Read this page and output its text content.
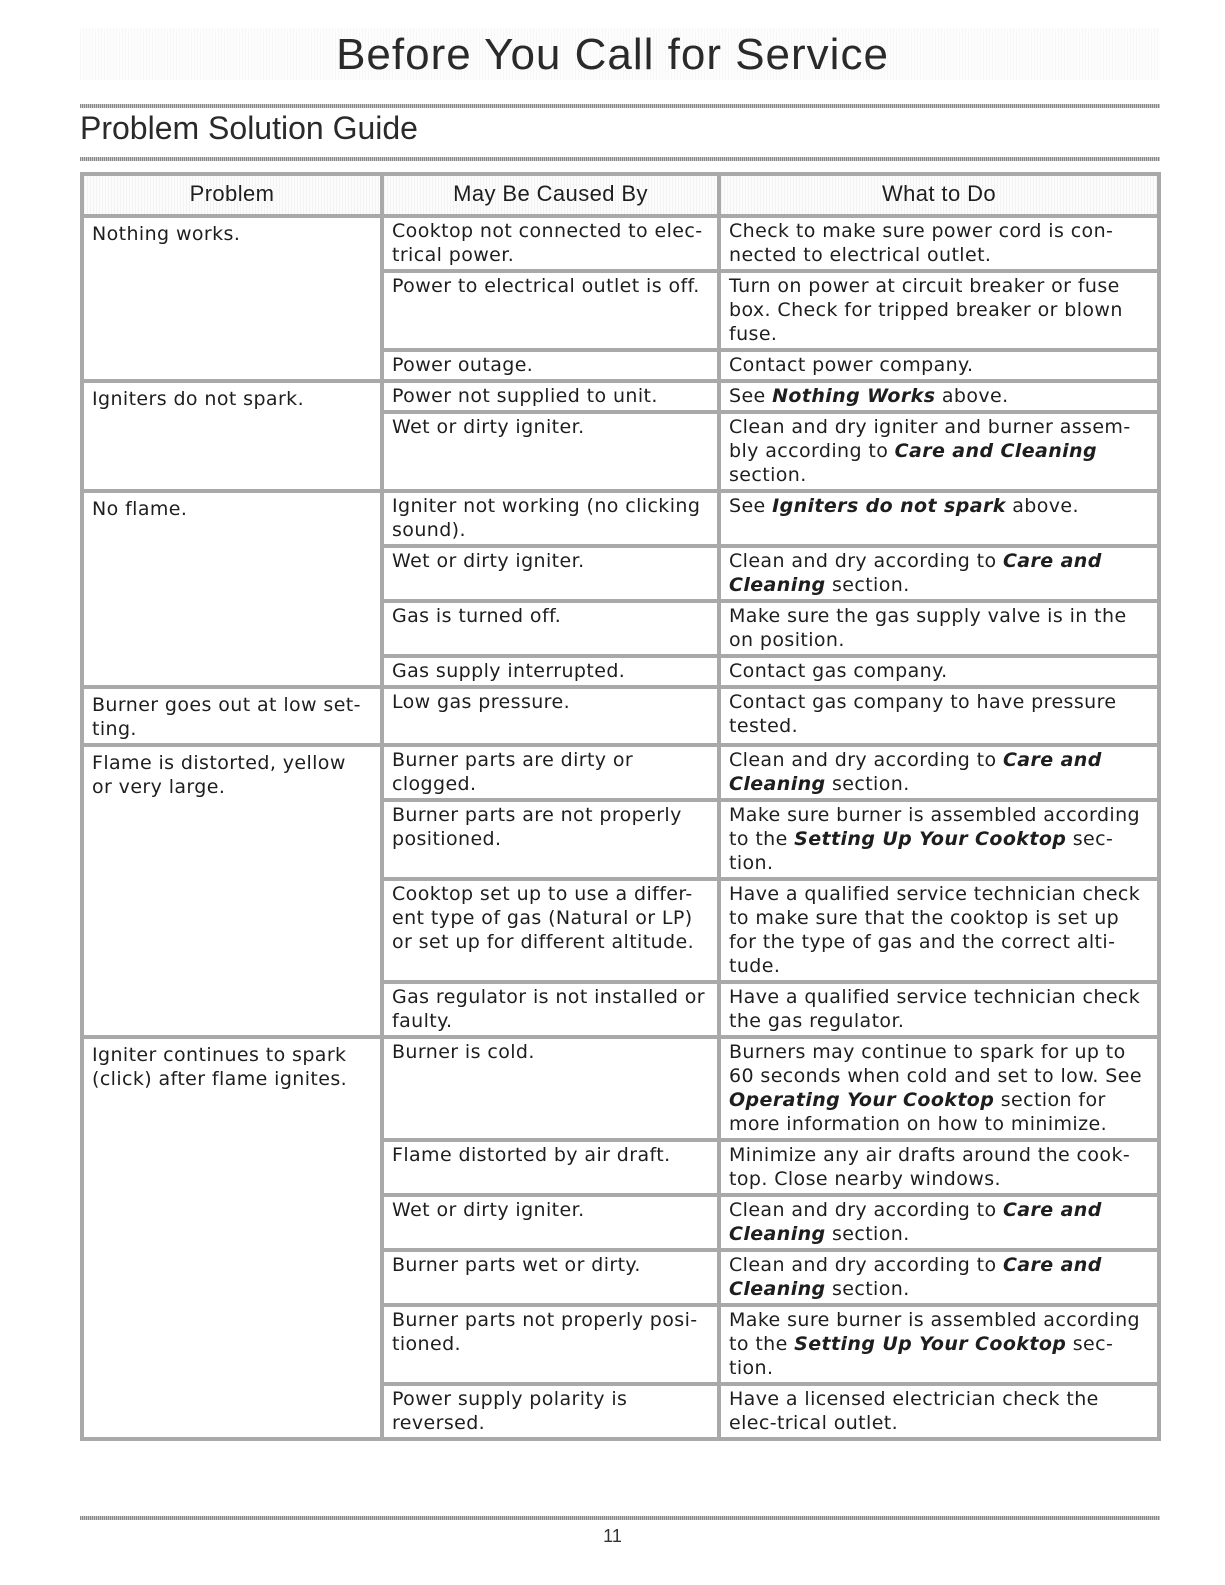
Before You Call for Service
Problem Solution Guide
Problem	May Be Caused By	What to Do
Nothing works.	Cooktop not connected to elec-trical power.	Check to make sure power cord is con-nected to electrical outlet.
	Power to electrical outlet is off.	Turn on power at circuit breaker or fuse box. Check for tripped breaker or blown fuse.
	Power outage.	Contact power company.
Igniters do not spark.	Power not supplied to unit.	See Nothing Works above.
	Wet or dirty igniter.	Clean and dry igniter and burner assem-bly according to Care and Cleaning section.
No flame.	Igniter not working (no clicking sound).	See Igniters do not spark above.
	Wet or dirty igniter.	Clean and dry according to Care and Cleaning section.
	Gas is turned off.	Make sure the gas supply valve is in the on position.
	Gas supply interrupted.	Contact gas company.
Burner goes out at low set-ting.	Low gas pressure.	Contact gas company to have pressure tested.
Flame is distorted, yellow or very large.	Burner parts are dirty or clogged.	Clean and dry according to Care and Cleaning section.
	Burner parts are not properly positioned.	Make sure burner is assembled according to the Setting Up Your Cooktop sec-tion.
	Cooktop set up to use a differ-ent type of gas (Natural or LP) or set up for different altitude.	Have a qualified service technician check to make sure that the cooktop is set up for the type of gas and the correct alti-tude.
	Gas regulator is not installed or faulty.	Have a qualified service technician check the gas regulator.
Igniter continues to spark (click) after flame ignites.	Burner is cold.	Burners may continue to spark for up to 60 seconds when cold and set to low. See Operating Your Cooktop section for more information on how to minimize.
	Flame distorted by air draft.	Minimize any air drafts around the cook-top. Close nearby windows.
	Wet or dirty igniter.	Clean and dry according to Care and Cleaning section.
	Burner parts wet or dirty.	Clean and dry according to Care and Cleaning section.
	Burner parts not properly posi-tioned.	Make sure burner is assembled according to the Setting Up Your Cooktop sec-tion.
	Power supply polarity is reversed.	Have a licensed electrician check the elec-trical outlet.
11
